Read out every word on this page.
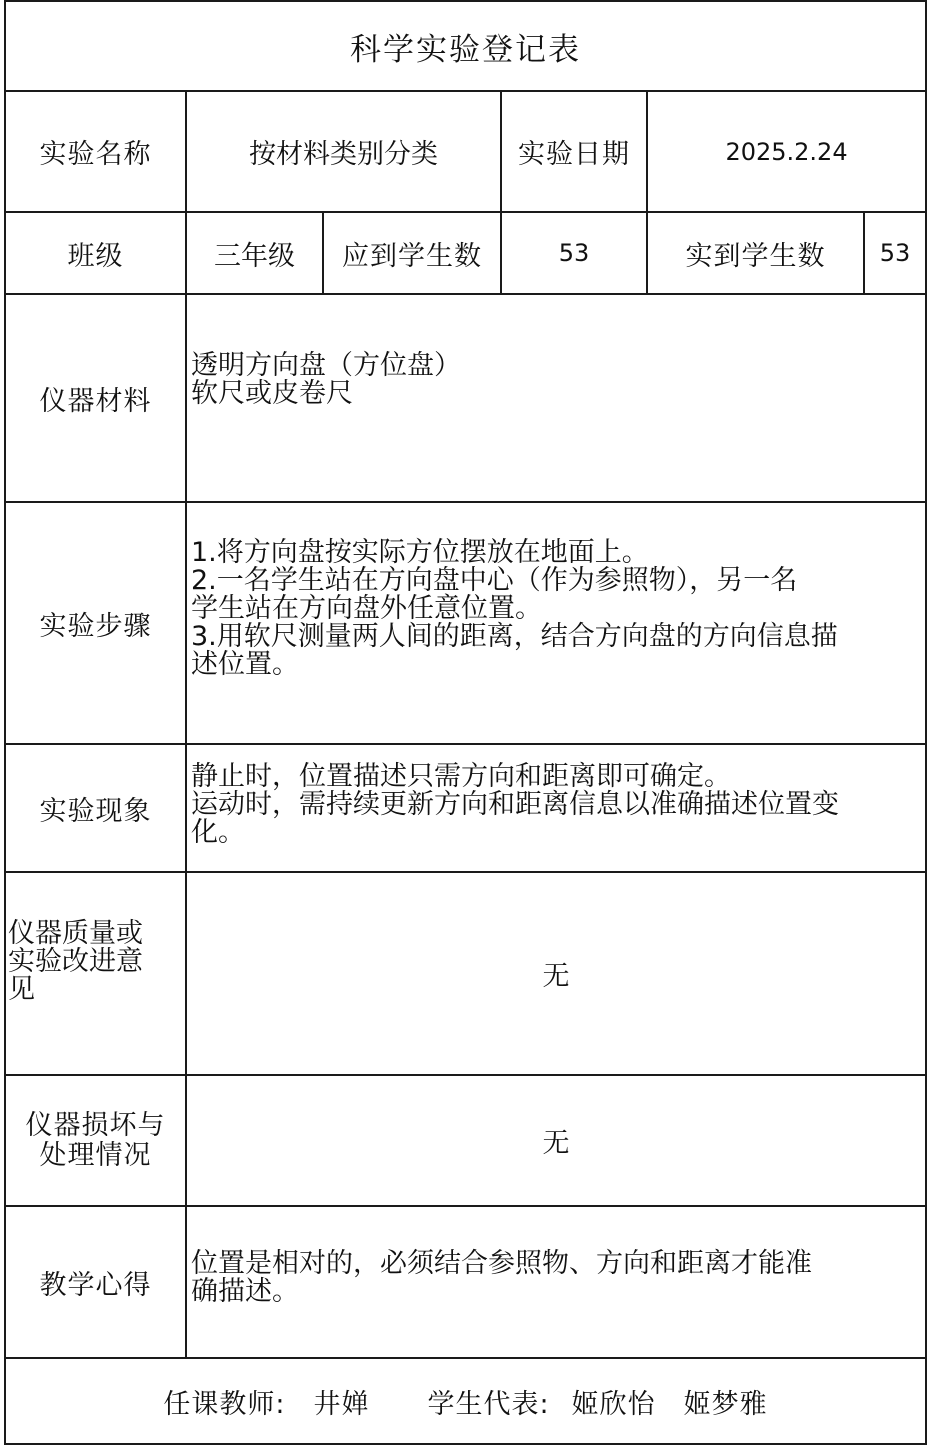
科学实验登记表					
实验名称	按材料类别分类		实验日期	2025.2.24	
班级	三年级	应到学生数	53	实到学生数	53
仪器材料	透明方向盘（方位盘）
软尺或皮卷尺				

实验步骤	1.将方向盘按实际方位摆放在地面上。
2.一名学生站在方向盘中心（作为参照物），另一名
学生站在方向盘外任意位置。
3.用软尺测量两人间的距离，结合方向盘的方向信息描
述位置。				

实验现象	静止时，位置描述只需方向和距离即可确定。
运动时，需持续更新方向和距离信息以准确描述位置变
化。				

仪器质量或
实验改进意
见	无				

仪器损坏与
处理情况	无				
教学心得	位置是相对的，必须结合参照物、方向和距离才能准
确描述。				

任课教师: 井婵 学生代表: 姬欣怡 姬梦雅					
